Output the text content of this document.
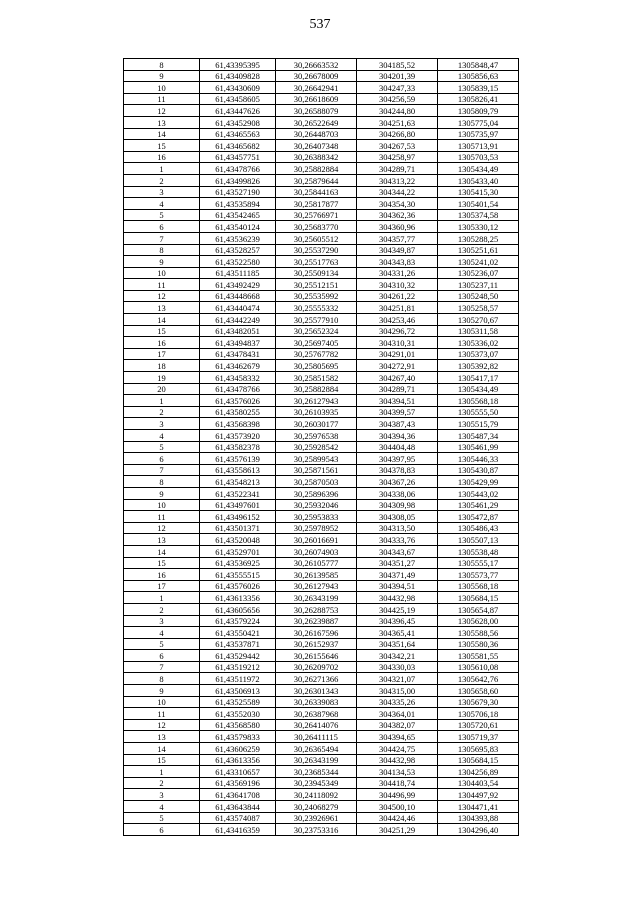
537
8	61,43395395	30,26663532	304185,52	1305848,47
9	61,43409828	30,26678009	304201,39	1305856,63
10	61,43430609	30,26642941	304247,33	1305839,15
11	61,43458605	30,26618609	304256,59	1305826,41
12	61,43447626	30,26588079	304244,80	1305809,79
13	61,43452908	30,26522649	304251,63	1305775,04
14	61,43465563	30,26448703	304266,80	1305735,97
15	61,43465682	30,26407348	304267,53	1305713,91
16	61,43457751	30,26388342	304258,97	1305703,53
1	61,43478766	30,25882884	304289,71	1305434,49
2	61,43499826	30,25879644	304313,22	1305433,40
3	61,43527190	30,25844163	304344,22	1305415,30
4	61,43535894	30,25817877	304354,30	1305401,54
5	61,43542465	30,25766971	304362,36	1305374,58
6	61,43540124	30,25683770	304360,96	1305330,12
7	61,43536239	30,25605512	304357,77	1305288,25
8	61,43528257	30,25537290	304349,87	1305251,61
9	61,43522580	30,25517763	304343,83	1305241,02
10	61,43511185	30,25509134	304331,26	1305236,07
11	61,43492429	30,25512151	304310,32	1305237,11
12	61,43448668	30,25535992	304261,22	1305248,50
13	61,43440474	30,25555332	304251,81	1305258,57
14	61,43442249	30,25577910	304253,46	1305270,67
15	61,43482051	30,25652324	304296,72	1305311,58
16	61,43494837	30,25697405	304310,31	1305336,02
17	61,43478431	30,25767782	304291,01	1305373,07
18	61,43462679	30,25805695	304272,91	1305392,82
19	61,43458332	30,25851582	304267,40	1305417,17
20	61,43478766	30,25882884	304289,71	1305434,49
1	61,43576026	30,26127943	304394,51	1305568,18
2	61,43580255	30,26103935	304399,57	1305555,50
3	61,43568398	30,26030177	304387,43	1305515,79
4	61,43573920	30,25976538	304394,36	1305487,34
5	61,43582378	30,25928542	304404,48	1305461,99
6	61,43576139	30,25899543	304397,95	1305446,33
7	61,43558613	30,25871561	304378,83	1305430,87
8	61,43548213	30,25870503	304367,26	1305429,99
9	61,43522341	30,25896396	304338,06	1305443,02
10	61,43497601	30,25932046	304309,98	1305461,29
11	61,43496152	30,25953833	304308,05	1305472,87
12	61,43501371	30,25978952	304313,50	1305486,43
13	61,43520048	30,26016691	304333,76	1305507,13
14	61,43529701	30,26074903	304343,67	1305538,48
15	61,43536925	30,26105777	304351,27	1305555,17
16	61,43555515	30,26139585	304371,49	1305573,77
17	61,43576026	30,26127943	304394,51	1305568,18
1	61,43613356	30,26343199	304432,98	1305684,15
2	61,43605656	30,26288753	304425,19	1305654,87
3	61,43579224	30,26239887	304396,45	1305628,00
4	61,43550421	30,26167596	304365,41	1305588,56
5	61,43537871	30,26152937	304351,64	1305580,36
6	61,43529442	30,26155646	304342,21	1305581,55
7	61,43519212	30,26209702	304330,03	1305610,08
8	61,43511972	30,26271366	304321,07	1305642,76
9	61,43506913	30,26301343	304315,00	1305658,60
10	61,43525589	30,26339083	304335,26	1305679,30
11	61,43552030	30,26387968	304364,01	1305706,18
12	61,43568580	30,26414076	304382,07	1305720,61
13	61,43579833	30,26411115	304394,65	1305719,37
14	61,43606259	30,26365494	304424,75	1305695,83
15	61,43613356	30,26343199	304432,98	1305684,15
1	61,43310657	30,23685344	304134,53	1304256,89
2	61,43569196	30,23945349	304418,74	1304403,54
3	61,43641708	30,24118092	304496,99	1304497,92
4	61,43643844	30,24068279	304500,10	1304471,41
5	61,43574087	30,23926961	304424,46	1304393,88
6	61,43416359	30,23753316	304251,29	1304296,40
